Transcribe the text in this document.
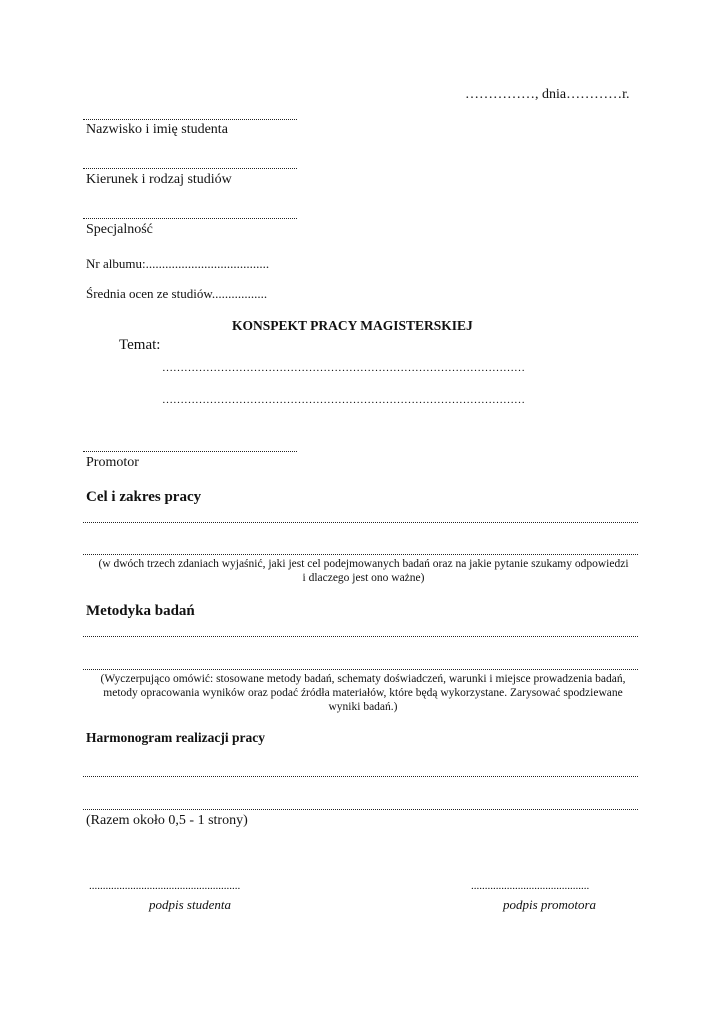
……………, dnia…………r.
Nazwisko i imię studenta
Kierunek i rodzaj studiów
Specjalność
Nr albumu:......................................
Średnia ocen ze studiów.................
KONSPEKT PRACY MAGISTERSKIEJ
Temat:
………………………………………………………………………………………
………………………………………………………………………………………
Promotor
Cel i zakres pracy
(w dwóch trzech zdaniach wyjaśnić, jaki jest cel podejmowanych badań oraz na jakie pytanie szukamy odpowiedzi i dlaczego jest ono ważne)
Metodyka badań
(Wyczerpująco omówić: stosowane metody badań, schematy doświadczeń, warunki i miejsce prowadzenia badań, metody opracowania wyników oraz podać źródła materiałów, które będą wykorzystane. Zarysować spodziewane wyniki badań.)
Harmonogram realizacji pracy
(Razem około 0,5 - 1 strony)
.......................................................
podpis studenta
...........................................
podpis promotora
